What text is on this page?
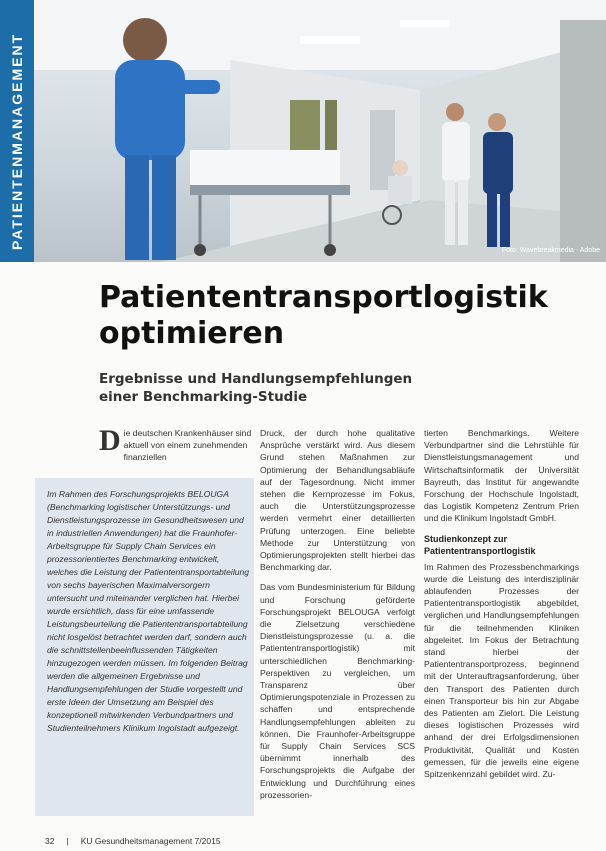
PATIENTENMANAGEMENT
Foto: Wavebreakmedia · Adobe
Patiententransportlogistik
optimieren
Ergebnisse und Handlungsempfehlungen
einer Benchmarking-Studie
Die deutschen Krankenhäuser sind aktuell von einem zunehmenden finanziellen
Im Rahmen des Forschungsprojekts BELOUGA (Benchmarking logistischer Unterstützungs- und Dienstleistungsprozesse im Gesundheitswesen und in industriellen Anwendungen) hat die Fraunhofer-Arbeitsgruppe für Supply Chain Services ein prozessorientiertes Benchmarking entwickelt, welches die Leistung der Patiententransportabteilung von sechs bayerischen Maximalversorgern untersucht und miteinander verglichen hat. Hierbei wurde ersichtlich, dass für eine umfassende Leistungsbeurteilung die Patiententransportabteilung nicht losgelöst betrachtet werden darf, sondern auch die schnittstellenbeeinflussenden Tätigkeiten hinzugezogen werden müssen. Im folgenden Beitrag werden die allgemeinen Ergebnisse und Handlungsempfehlungen der Studie vorgestellt und erste Ideen der Umsetzung am Beispiel des konzeptionell mitwirkenden Verbundpartners und Studienteilnehmers Klinikum Ingolstadt aufgezeigt.

Druck, der durch hohe qualitative Ansprüche verstärkt wird. Aus diesem Grund stehen Maßnahmen zur Optimierung der Behandlungsabläufe auf der Tagesordnung. Nicht immer stehen die Kernprozesse im Fokus, auch die Unterstützungsprozesse werden vermehrt einer detaillierten Prüfung unterzogen. Eine beliebte Methode zur Unterstützung von Optimierungsprojekten stellt hierbei das Benchmarking dar.

Das vom Bundesministerium für Bildung und Forschung geförderte Forschungsprojekt BELOUGA verfolgt die Zielsetzung verschiedene Dienstleistungsprozesse (u. a. die Patiententransportlogistik) mit unterschiedlichen Benchmarking-Perspektiven zu vergleichen, um Transparenz über Optimierungspotenziale in Prozessen zu schaffen und entsprechende Handlungsempfehlungen ableiten zu können. Die Fraunhofer-Arbeitsgruppe für Supply Chain Services SCS übernimmt innerhalb des Forschungsprojekts die Aufgabe der Entwicklung und Durchführung eines prozessorien-

tierten Benchmarkings. Weitere Verbundpartner sind die Lehrstühle für Dienstleistungsmanagement und Wirtschaftsinformatik der Universität Bayreuth, das Institut für angewandte Forschung der Hochschule Ingolstadt, das Logistik Kompetenz Zentrum Prien und die Klinikum Ingolstadt GmbH.

Studienkonzept zur
Patiententransportlogistik

Im Rahmen des Prozessbenchmarkings wurde die Leistung des interdisziplinär ablaufenden Prozesses der Patiententransportlogistik abgebildet, verglichen und Handlungsempfehlungen für die teilnehmenden Kliniken abgeleitet. Im Fokus der Betrachtung stand hierbei der Patiententransportprozess, beginnend mit der Unterauftragsanforderung, über den Transport des Patienten durch einen Transporteur bis hin zur Abgabe des Patienten am Zielort. Die Leistung dieses logistischen Prozesses wird anhand der drei Erfolgsdimensionen Produktivität, Qualität und Kosten gemessen, für die jeweils eine eigene Spitzenkennzahl gebildet wird. Zu-

32 | KU Gesundheitsmanagement 7/2015
